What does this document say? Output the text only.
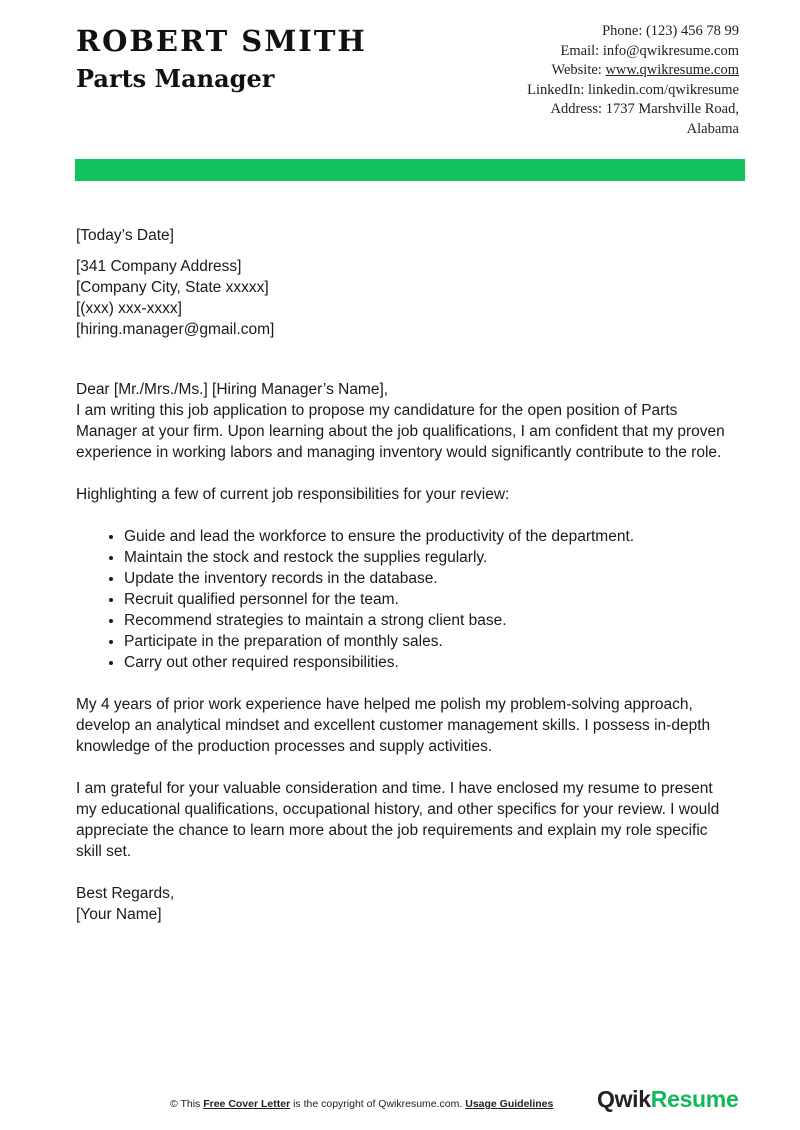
ROBERT SMITH
Parts Manager
Phone: (123) 456 78 99
Email: info@qwikresume.com
Website: www.qwikresume.com
LinkedIn: linkedin.com/qwikresume
Address: 1737 Marshville Road,
Alabama

[Today’s Date]

[341 Company Address]

[Company City, State xxxxx]

[(xxx) xxx-xxxx]

[hiring.manager@gmail.com]

Dear [Mr./Mrs./Ms.] [Hiring Manager’s Name],

I am writing this job application to propose my candidature for the open position of Parts Manager at your firm. Upon learning about the job qualifications, I am confident that my proven experience in working labors and managing inventory would significantly contribute to the role.

Highlighting a few of current job responsibilities for your review:

• Guide and lead the workforce to ensure the productivity of the department.
• Maintain the stock and restock the supplies regularly.
• Update the inventory records in the database.
• Recruit qualified personnel for the team.
• Recommend strategies to maintain a strong client base.
• Participate in the preparation of monthly sales.
• Carry out other required responsibilities.

My 4 years of prior work experience have helped me polish my problem-solving approach, develop an analytical mindset and excellent customer management skills. I possess in-depth knowledge of the production processes and supply activities.

I am grateful for your valuable consideration and time. I have enclosed my resume to present my educational qualifications, occupational history, and other specifics for your review. I would appreciate the chance to learn more about the job requirements and explain my role specific skill set.

Best Regards,

[Your Name]

© This Free Cover Letter is the copyright of Qwikresume.com. Usage Guidelines QwikResume
